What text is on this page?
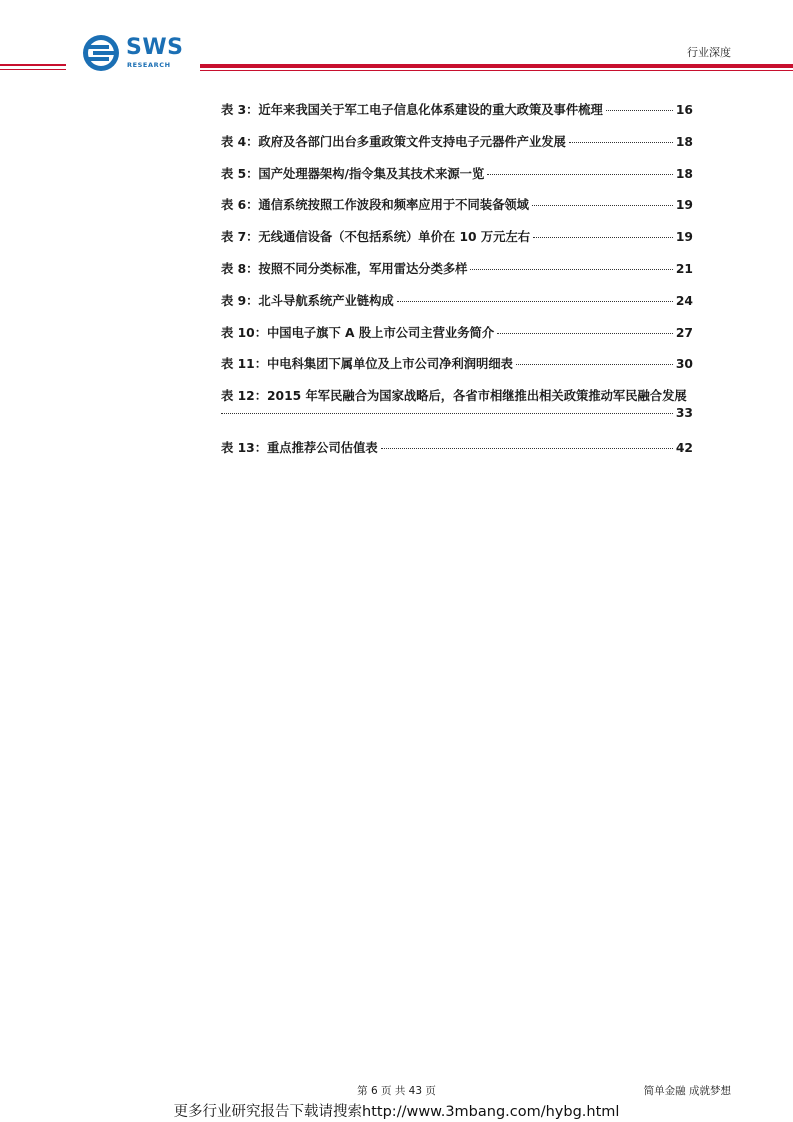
SWS
RESEARCH
行业深度
表 3：近年来我国关于军工电子信息化体系建设的重大政策及事件梳理	16
表 4：政府及各部门出台多重政策文件支持电子元器件产业发展	18
表 5：国产处理器架构/指令集及其技术来源一览	18
表 6：通信系统按照工作波段和频率应用于不同装备领域	19
表 7：无线通信设备（不包括系统）单价在 10 万元左右	19
表 8：按照不同分类标准，军用雷达分类多样	21
表 9：北斗导航系统产业链构成	24
表 10：中国电子旗下 A 股上市公司主营业务简介	27
表 11：中电科集团下属单位及上市公司净利润明细表	30
表 12：2015 年军民融合为国家战略后，各省市相继推出相关政策推动军民融合发展
33
表 13：重点推荐公司估值表	42
第 6 页 共 43 页	简单金融 成就梦想
更多行业研究报告下载请搜索http://www.3mbang.com/hybg.html
